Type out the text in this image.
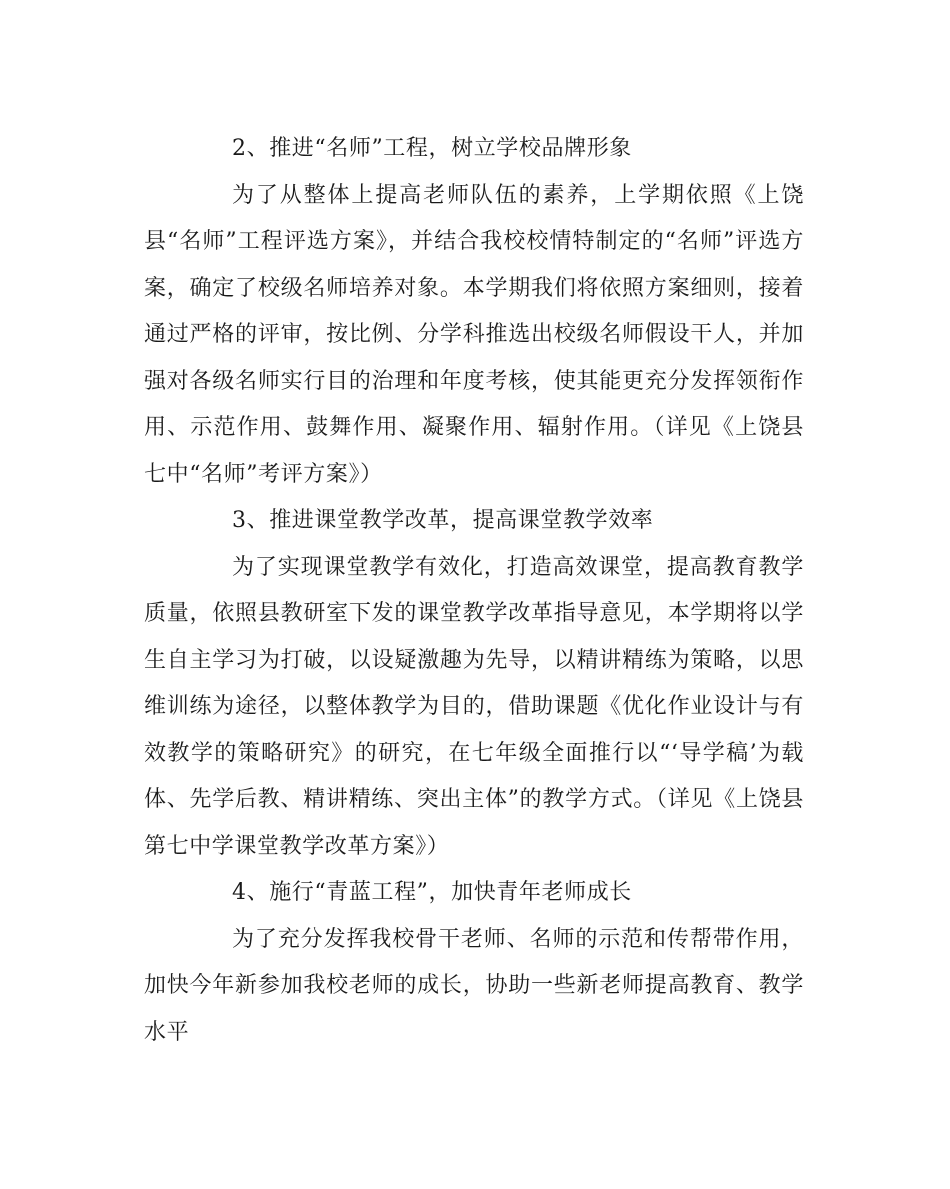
2、推进“名师”工程，树立学校品牌形象

为了从整体上提高老师队伍的素养，上学期依照《上饶县“名师”工程评选方案》，并结合我校校情特制定的“名师”评选方案，确定了校级名师培养对象。本学期我们将依照方案细则，接着通过严格的评审，按比例、分学科推选出校级名师假设干人，并加强对各级名师实行目的治理和年度考核，使其能更充分发挥领衔作用、示范作用、鼓舞作用、凝聚作用、辐射作用。（详见《上饶县七中“名师”考评方案》）

3、推进课堂教学改革，提高课堂教学效率

为了实现课堂教学有效化，打造高效课堂，提高教育教学质量，依照县教研室下发的课堂教学改革指导意见，本学期将以学生自主学习为打破，以设疑激趣为先导，以精讲精练为策略，以思维训练为途径，以整体教学为目的，借助课题《优化作业设计与有效教学的策略研究》的研究，在七年级全面推行以“‘导学稿’为载体、先学后教、精讲精练、突出主体”的教学方式。（详见《上饶县第七中学课堂教学改革方案》）

4、施行“青蓝工程”，加快青年老师成长

为了充分发挥我校骨干老师、名师的示范和传帮带作用，加快今年新参加我校老师的成长，协助一些新老师提高教育、教学水平
